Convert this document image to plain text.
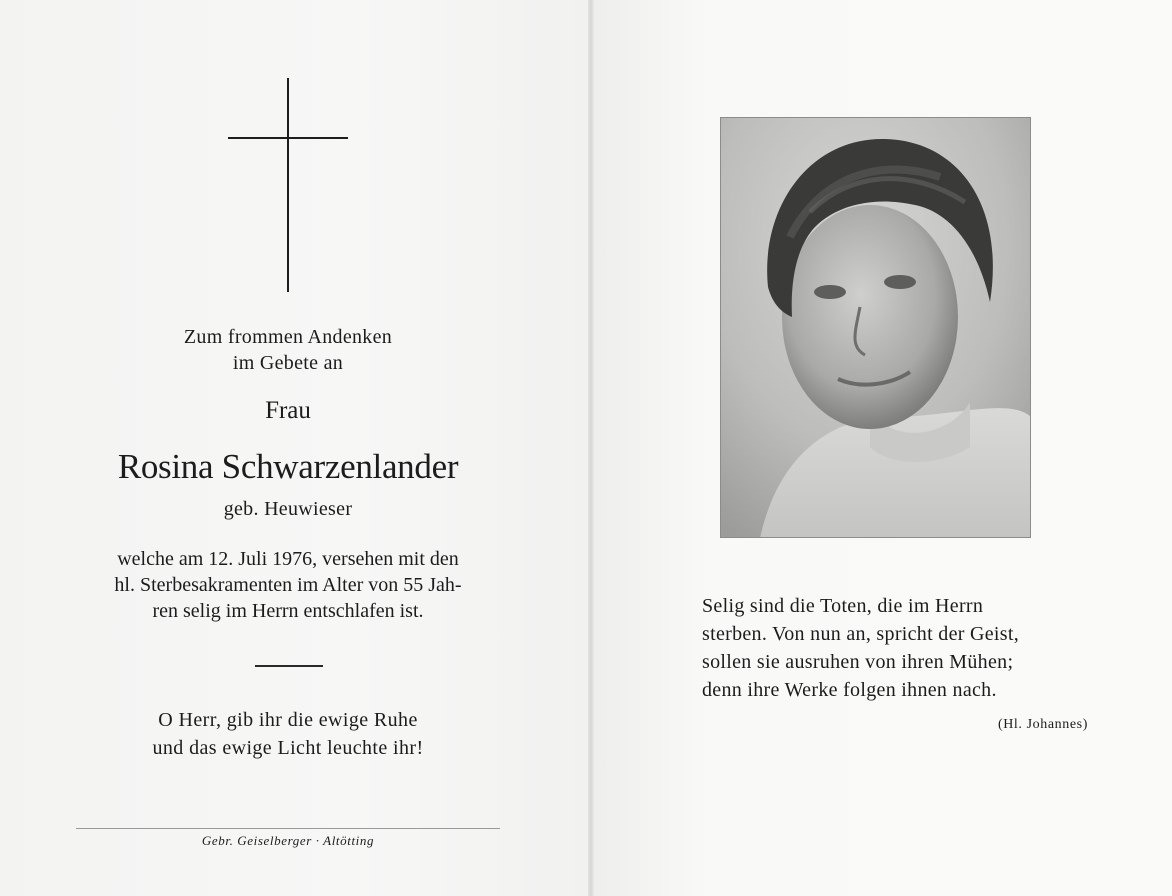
Zum frommen Andenken
im Gebete an
Frau
Rosina Schwarzenlander
geb. Heuwieser
welche am 12. Juli 1976, versehen mit den
hl. Sterbesakramenten im Alter von 55 Jah-
ren selig im Herrn entschlafen ist.
O Herr, gib ihr die ewige Ruhe
und das ewige Licht leuchte ihr!
Gebr. Geiselberger · Altötting
Selig sind die Toten, die im Herrn
sterben. Von nun an, spricht der Geist,
sollen sie ausruhen von ihren Mühen;
denn ihre Werke folgen ihnen nach.
(Hl. Johannes)
